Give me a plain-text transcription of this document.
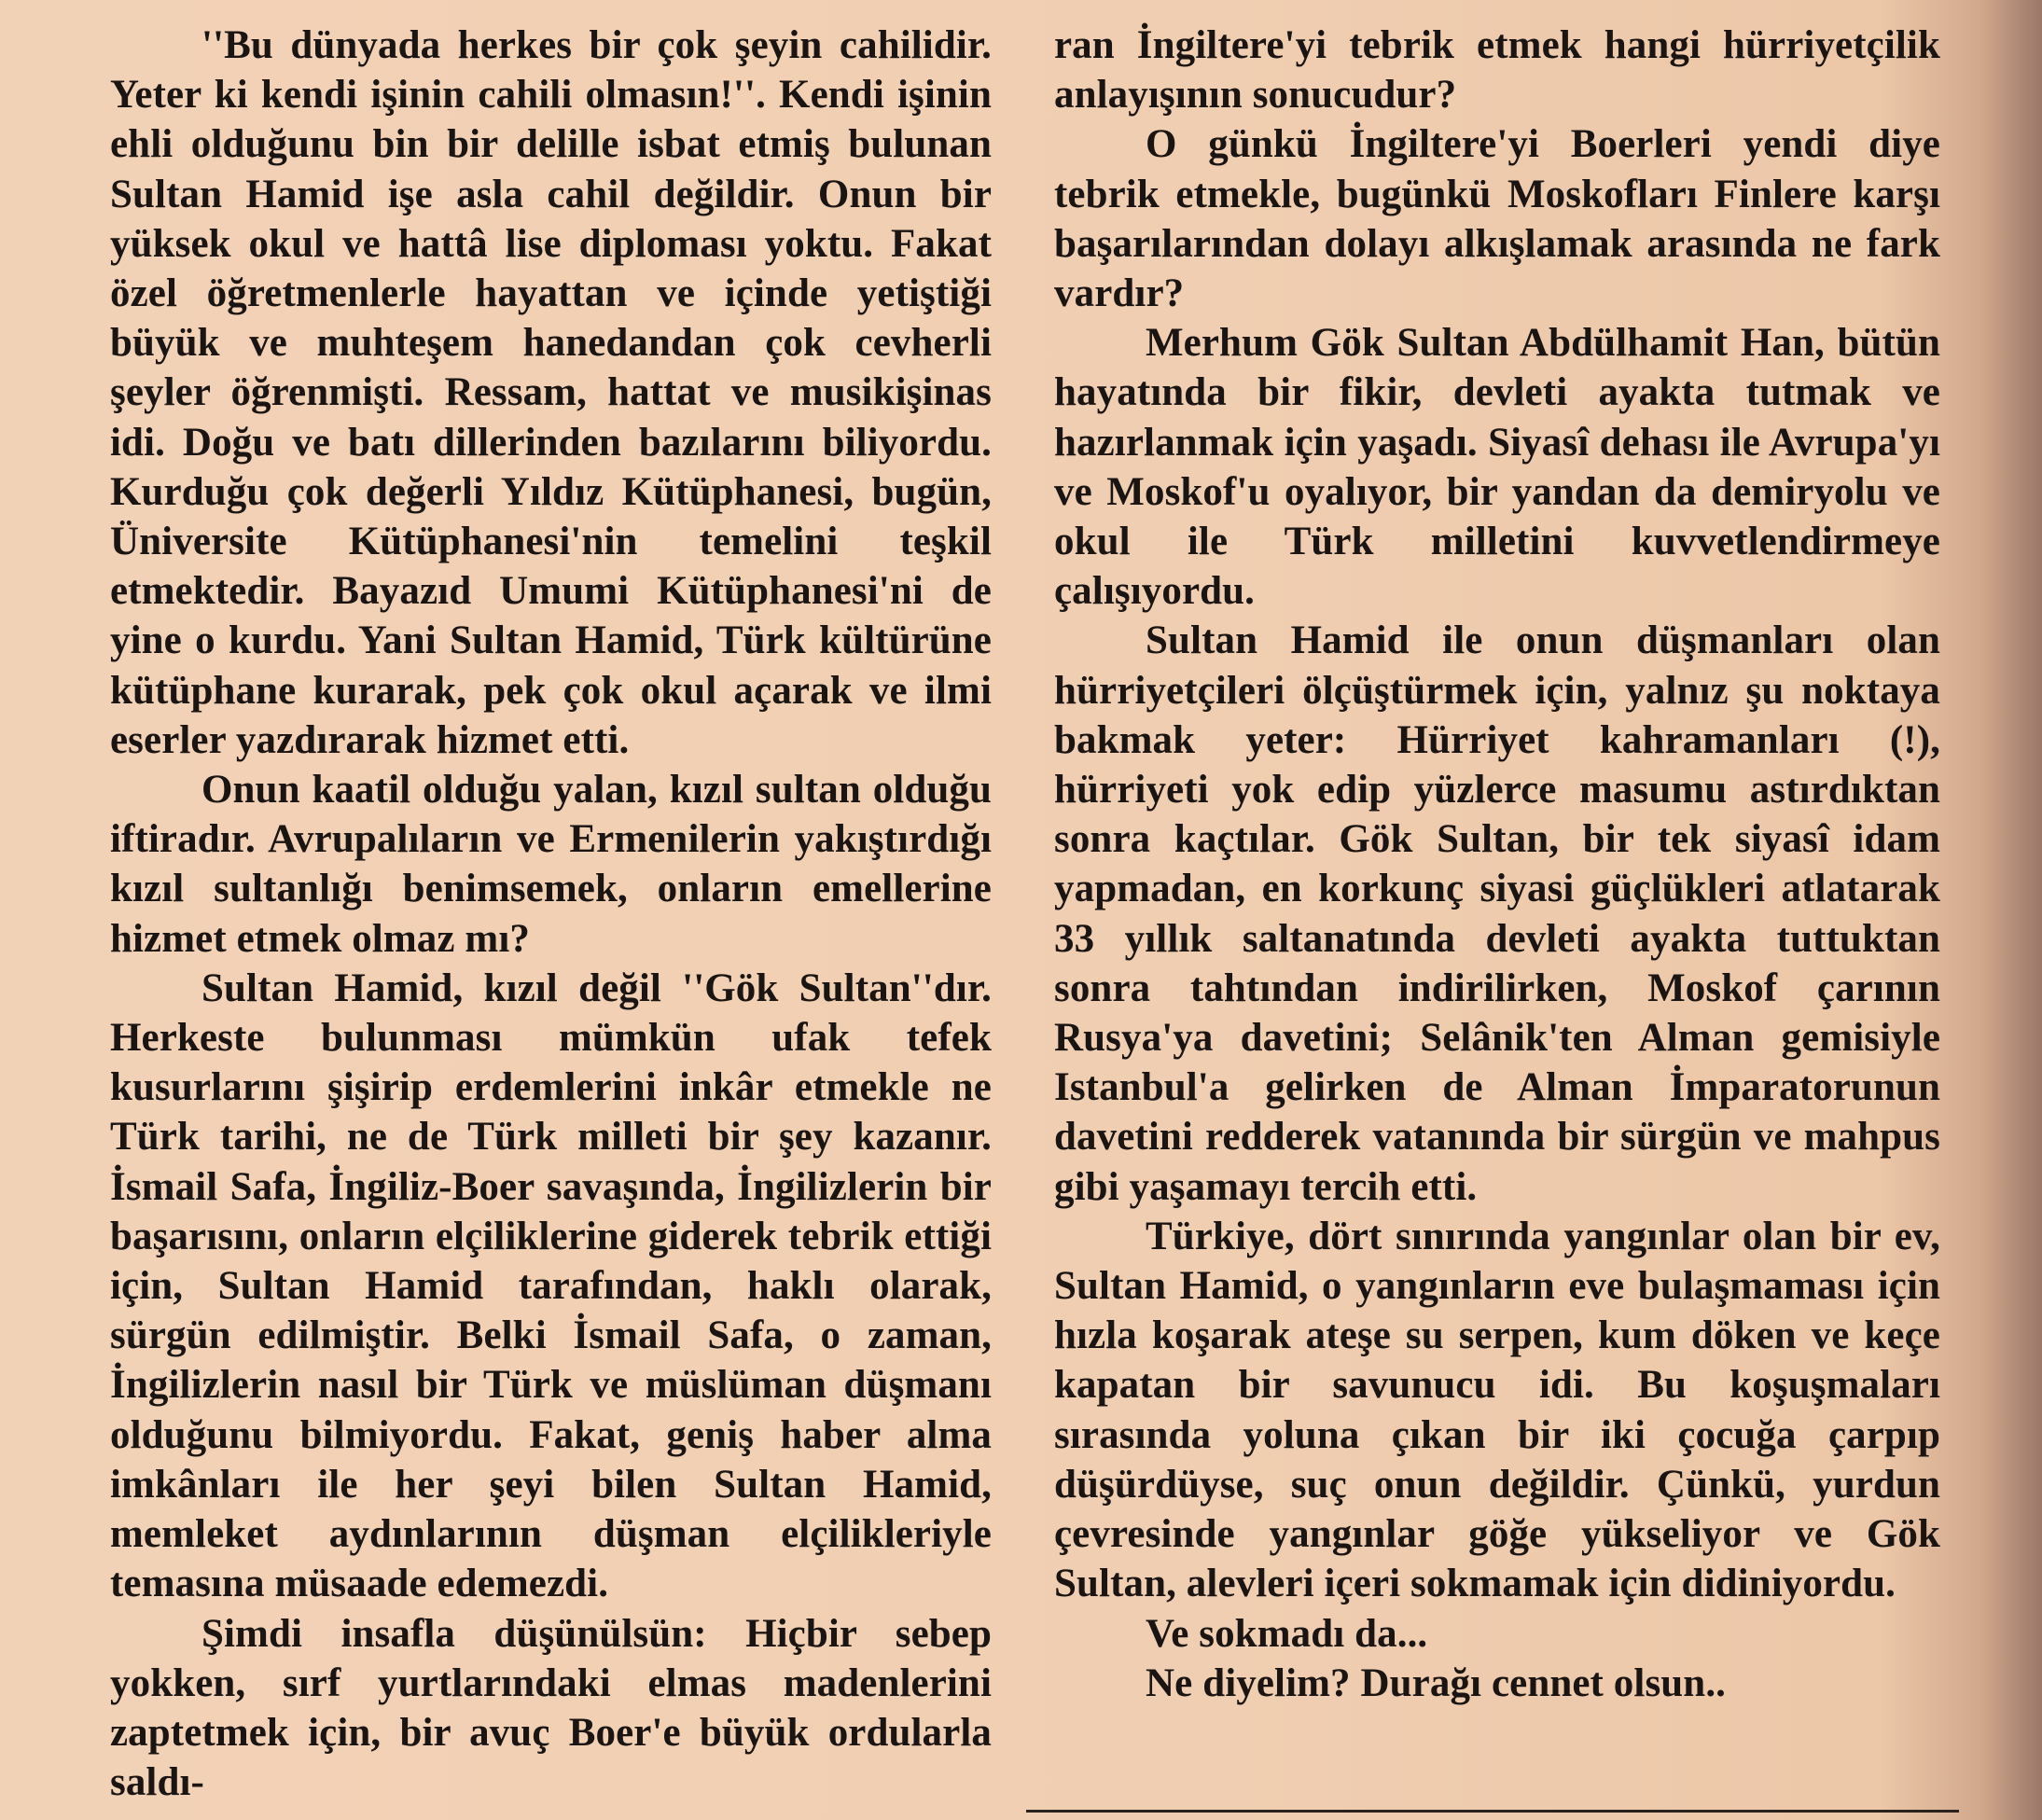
''Bu dünyada herkes bir çok şeyin cahilidir. Yeter ki kendi işinin cahili olmasın!''. Kendi işinin ehli olduğunu bin bir delille isbat etmiş bulunan Sultan Hamid işe asla cahil değildir. Onun bir yüksek okul ve hattâ lise diploması yoktu. Fakat özel öğretmenlerle hayattan ve içinde yetiştiği büyük ve muhteşem hanedandan çok cevherli şeyler öğrenmişti. Ressam, hattat ve musikişinas idi. Doğu ve batı dillerinden bazılarını biliyordu. Kurduğu çok değerli Yıldız Kütüphanesi, bugün, Üniversite Kütüphanesi'nin temelini teşkil etmektedir. Bayazıd Umumi Kütüphanesi'ni de yine o kurdu. Yani Sultan Hamid, Türk kültürüne kütüphane kurarak, pek çok okul açarak ve ilmi eserler yazdırarak hizmet etti.

Onun kaatil olduğu yalan, kızıl sultan olduğu iftiradır. Avrupalıların ve Ermenilerin yakıştırdığı kızıl sultanlığı benimsemek, onların emellerine hizmet etmek olmaz mı?

Sultan Hamid, kızıl değil ''Gök Sultan''dır. Herkeste bulunması mümkün ufak tefek kusurlarını şişirip erdemlerini inkâr etmekle ne Türk tarihi, ne de Türk milleti bir şey kazanır. İsmail Safa, İngiliz-Boer savaşında, İngilizlerin bir başarısını, onların elçiliklerine giderek tebrik ettiği için, Sultan Hamid tarafından, haklı olarak, sürgün edilmiştir. Belki İsmail Safa, o zaman, İngilizlerin nasıl bir Türk ve müslüman düşmanı olduğunu bilmiyordu. Fakat, geniş haber alma imkânları ile her şeyi bilen Sultan Hamid, memleket aydınlarının düşman elçilikleriyle temasına müsaade edemezdi.

Şimdi insafla düşünülsün: Hiçbir sebep yokken, sırf yurtlarındaki elmas madenlerini zaptetmek için, bir avuç Boer'e büyük ordularla saldı-

ran İngiltere'yi tebrik etmek hangi hürriyetçilik anlayışının sonucudur?

O günkü İngiltere'yi Boerleri yendi diye tebrik etmekle, bugünkü Moskofları Finlere karşı başarılarından dolayı alkışlamak arasında ne fark vardır?

Merhum Gök Sultan Abdülhamit Han, bütün hayatında bir fikir, devleti ayakta tutmak ve hazırlanmak için yaşadı. Siyasî dehası ile Avrupa'yı ve Moskof'u oyalıyor, bir yandan da demiryolu ve okul ile Türk milletini kuvvetlendirmeye çalışıyordu.

Sultan Hamid ile onun düşmanları olan hürriyetçileri ölçüştürmek için, yalnız şu noktaya bakmak yeter: Hürriyet kahramanları (!), hürriyeti yok edip yüzlerce masumu astırdıktan sonra kaçtılar. Gök Sultan, bir tek siyasî idam yapmadan, en korkunç siyasi güçlükleri atlatarak 33 yıllık saltanatında devleti ayakta tuttuktan sonra tahtından indirilirken, Moskof çarının Rusya'ya davetini; Selânik'ten Alman gemisiyle Istanbul'a gelirken de Alman İmparatorunun davetini redderek vatanında bir sürgün ve mahpus gibi yaşamayı tercih etti.

Türkiye, dört sınırında yangınlar olan bir ev, Sultan Hamid, o yangınların eve bulaşmaması için hızla koşarak ateşe su serpen, kum döken ve keçe kapatan bir savunucu idi. Bu koşuşmaları sırasında yoluna çıkan bir iki çocuğa çarpıp düşürdüyse, suç onun değildir. Çünkü, yurdun çevresinde yangınlar göğe yükseliyor ve Gök Sultan, alevleri içeri sokmamak için didiniyordu.

Ve sokmadı da...

Ne diyelim? Durağı cennet olsun..
